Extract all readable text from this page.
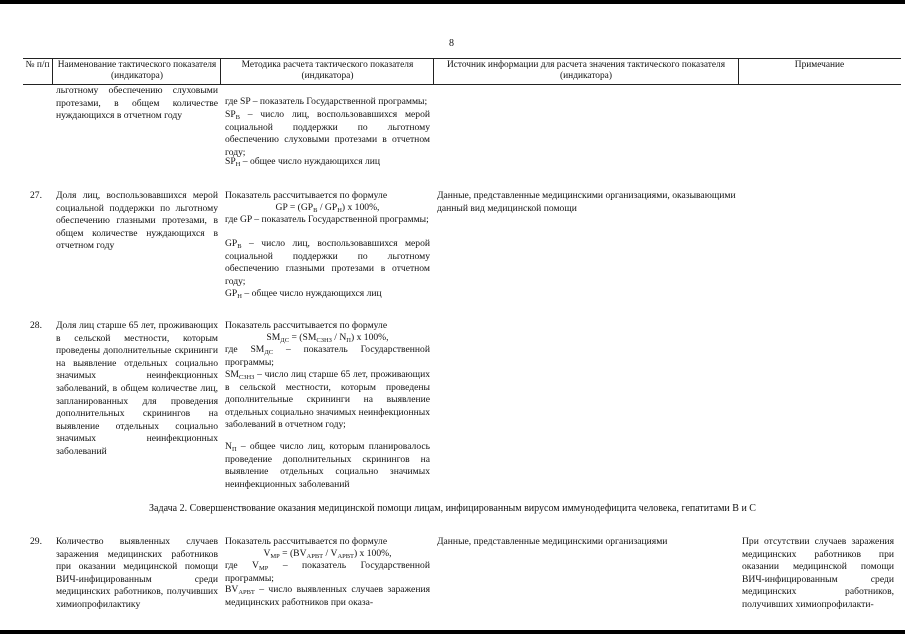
8
№ п/п Наименование тактического показателя (индикатора)
Методика расчета тактического показателя (индикатора)
Источник информации для расчета значения тактического показателя (индикатора)
Примечание
льготному обеспечению слуховыми протезами, в общем количестве нуждающихся в отчетном году
где SP – показатель Государственной программы;
$SP_В$ – число лиц, воспользовавшихся мерой социальной поддержки по льготному обеспечению слуховыми протезами в отчетном году;
$SP_Н$ – общее число нуждающихся лиц
27. Доля лиц, воспользовавшихся мерой социальной поддержки по льготному обеспечению глазными протезами, в общем количестве нуждающихся в отчетном году
Показатель рассчитывается по формуле
GP = $(GP_В / GP_Н)$ х 100%,
где GP – показатель Государственной программы;
$GP_В$ – число лиц, воспользовавшихся мерой социальной поддержки по льготному обеспечению глазными протезами в отчетном году;
$GP_Н$ – общее число нуждающихся лиц
Данные, представленные медицинскими организациями, оказывающими данный вид медицинской помощи
28. Доля лиц старше 65 лет, проживающих в сельской местности, которым проведены дополнительные скрининги на выявление отдельных социально значимых неинфекционных заболеваний, в общем количестве лиц, запланированных для проведения дополнительных скринингов на выявление отдельных социально значимых неинфекционных заболеваний
Показатель рассчитывается по формуле
$SM_{ДС} = (SM_{СЗНЗ} / N_П)$ х 100%,
где $SM_{ДС}$ – показатель Государственной программы;
$SM_{СЗНЗ}$ – число лиц старше 65 лет, проживающих в сельской местности, которым проведены дополнительные скрининги на выявление отдельных социально значимых неинфекционных заболеваний в отчетном году;
$N_П$ – общее число лиц, которым планировалось проведение дополнительных скринингов на выявление отдельных социально значимых неинфекционных заболеваний
Задача 2. Совершенствование оказания медицинской помощи лицам, инфицированным вирусом иммунодефицита человека, гепатитами В и С
29. Количество выявленных случаев заражения медицинских работников при оказании медицинской помощи ВИЧ-инфицированным среди медицинских работников, получивших химиопрофилактику
Показатель рассчитывается по формуле
$V_{МР} = (BV_{АРВТ} / V_{АРВТ})$ х 100%,
где $V_{МР}$ – показатель Государственной программы;
$BV_{АРВТ}$ – число выявленных случаев заражения медицинских работников при оказа-
Данные, представленные медицинскими организациями	При отсутствии случаев заражения медицинских работников при оказании медицинской помощи ВИЧ-инфицированным среди медицинских работников, получивших химиопрофилакти-
